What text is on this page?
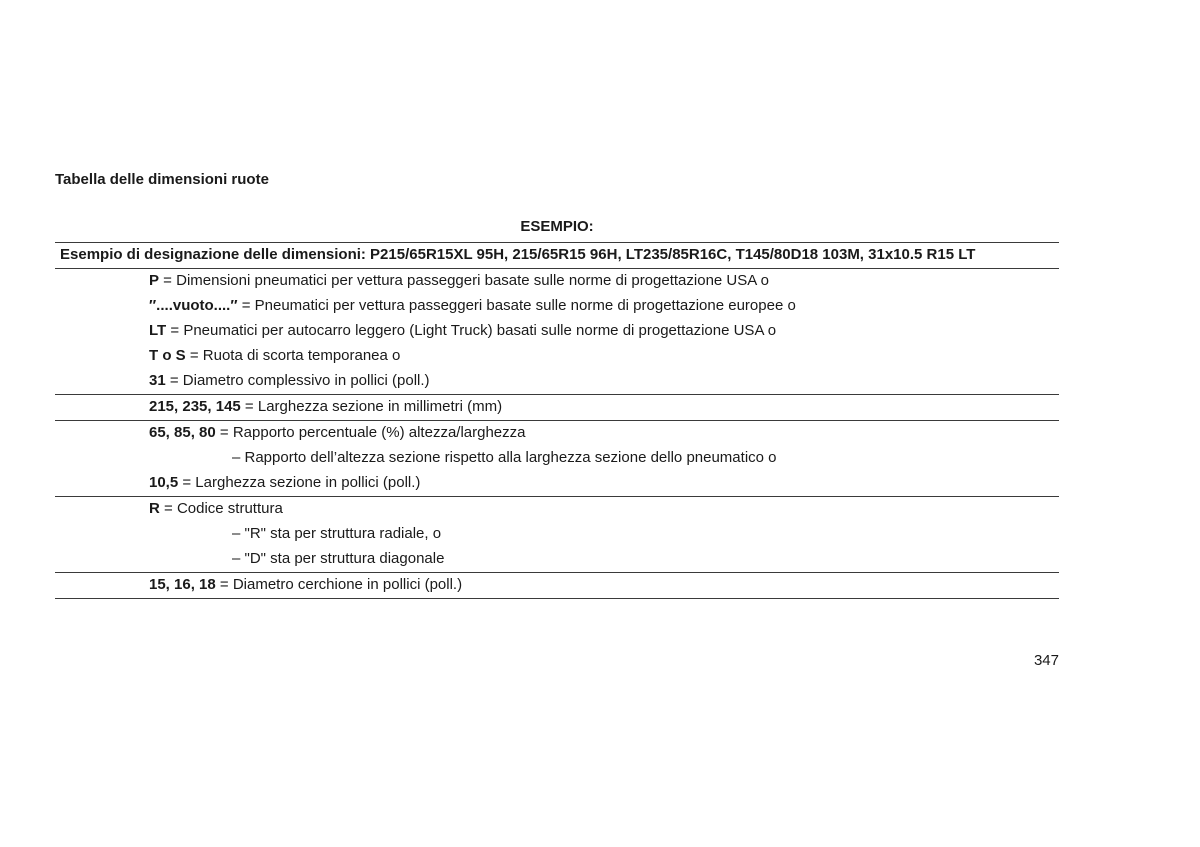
Tabella delle dimensioni ruote
ESEMPIO:
Esempio di designazione delle dimensioni: P215/65R15XL 95H, 215/65R15 96H, LT235/85R16C, T145/80D18 103M, 31x10.5 R15 LT
P = Dimensioni pneumatici per vettura passeggeri basate sulle norme di progettazione USA o
″....vuoto....″ = Pneumatici per vettura passeggeri basate sulle norme di progettazione europee o
LT = Pneumatici per autocarro leggero (Light Truck) basati sulle norme di progettazione USA o
T o S = Ruota di scorta temporanea o
31 = Diametro complessivo in pollici (poll.)
215, 235, 145 = Larghezza sezione in millimetri (mm)
65, 85, 80 = Rapporto percentuale (%) altezza/larghezza
– Rapporto dell’altezza sezione rispetto alla larghezza sezione dello pneumatico o
10,5 = Larghezza sezione in pollici (poll.)
R = Codice struttura
– "R" sta per struttura radiale, o
– "D" sta per struttura diagonale
15, 16, 18 = Diametro cerchione in pollici (poll.)
347
